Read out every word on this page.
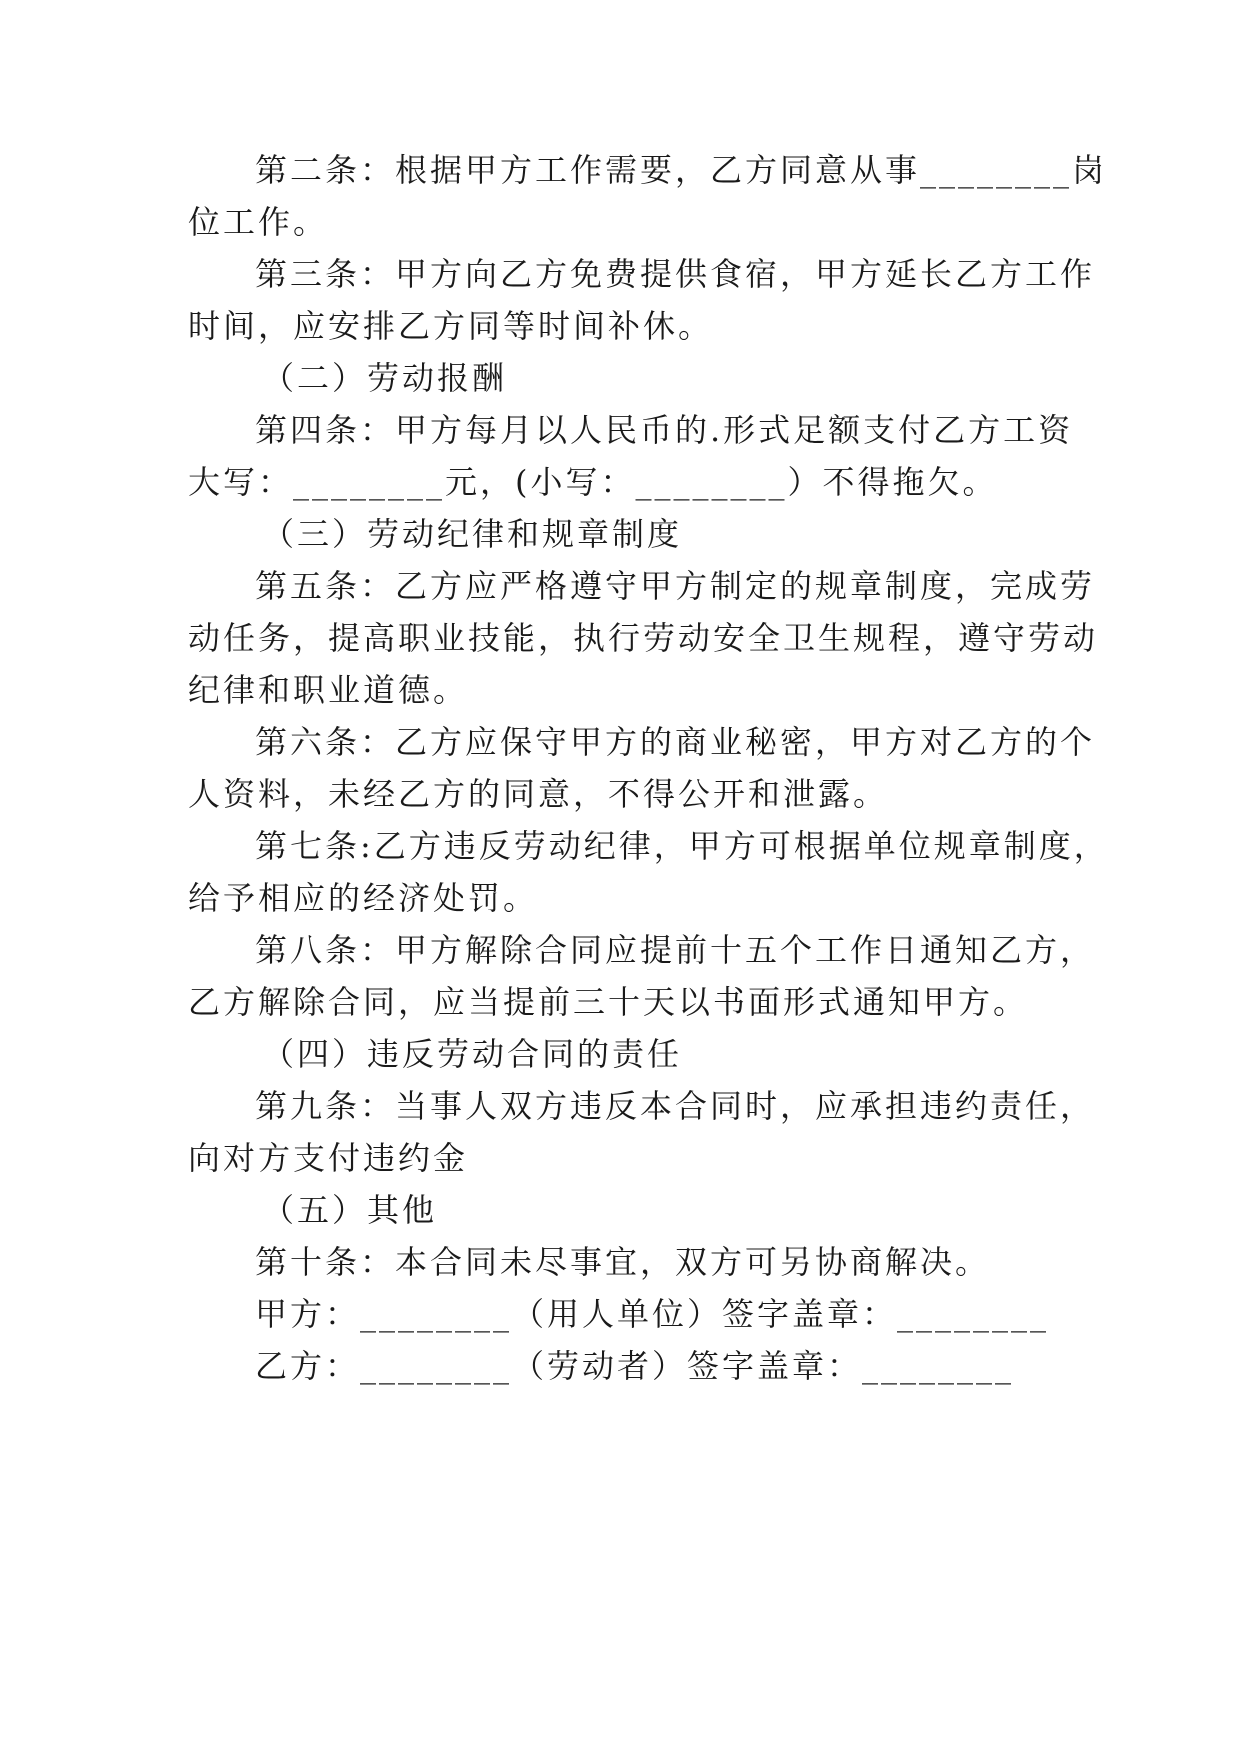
第二条：根据甲方工作需要，乙方同意从事________岗
位工作。
第三条：甲方向乙方免费提供食宿，甲方延长乙方工作
时间，应安排乙方同等时间补休。
（二）劳动报酬
第四条：甲方每月以人民币的.形式足额支付乙方工资
大写：________元，(小写：________）不得拖欠。
（三）劳动纪律和规章制度
第五条：乙方应严格遵守甲方制定的规章制度，完成劳
动任务，提高职业技能，执行劳动安全卫生规程，遵守劳动
纪律和职业道德。
第六条：乙方应保守甲方的商业秘密，甲方对乙方的个
人资料，未经乙方的同意，不得公开和泄露。
第七条:乙方违反劳动纪律，甲方可根据单位规章制度，
给予相应的经济处罚。
第八条：甲方解除合同应提前十五个工作日通知乙方，
乙方解除合同，应当提前三十天以书面形式通知甲方。
（四）违反劳动合同的责任
第九条：当事人双方违反本合同时，应承担违约责任，
向对方支付违约金
（五）其他
第十条：本合同未尽事宜，双方可另协商解决。
甲方：________（用人单位）签字盖章：________
乙方：________（劳动者）签字盖章：________
